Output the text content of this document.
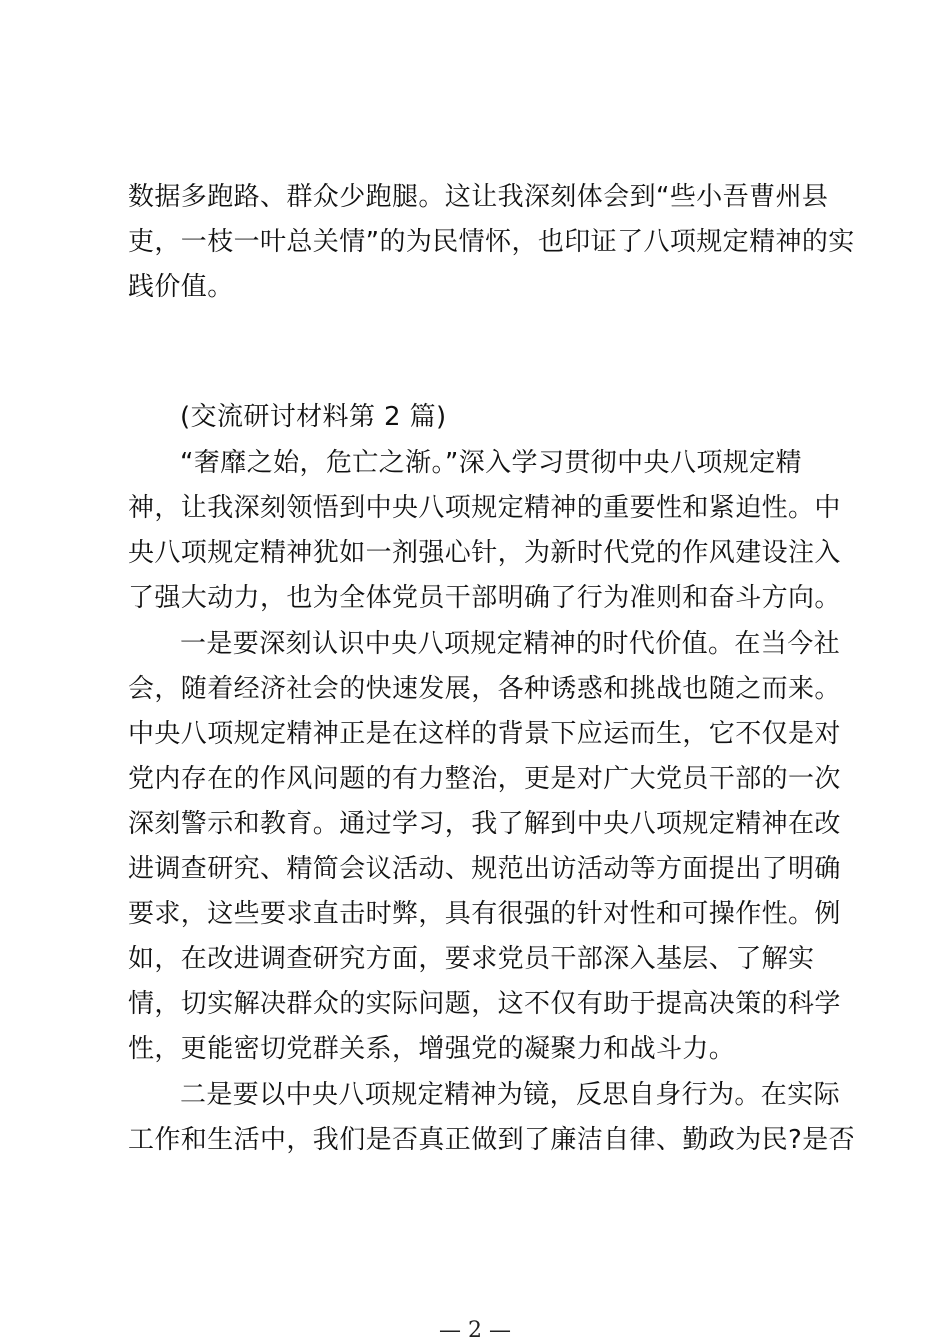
数据多跑路、群众少跑腿。这让我深刻体会到“些小吾曹州县
吏，一枝一叶总关情”的为民情怀，也印证了八项规定精神的实
践价值。
(交流研讨材料第 2 篇)
“奢靡之始，危亡之渐。”深入学习贯彻中央八项规定精
神，让我深刻领悟到中央八项规定精神的重要性和紧迫性。中
央八项规定精神犹如一剂强心针，为新时代党的作风建设注入
了强大动力，也为全体党员干部明确了行为准则和奋斗方向。
一是要深刻认识中央八项规定精神的时代价值。在当今社
会，随着经济社会的快速发展，各种诱惑和挑战也随之而来。
中央八项规定精神正是在这样的背景下应运而生，它不仅是对
党内存在的作风问题的有力整治，更是对广大党员干部的一次
深刻警示和教育。通过学习，我了解到中央八项规定精神在改
进调查研究、精简会议活动、规范出访活动等方面提出了明确
要求，这些要求直击时弊，具有很强的针对性和可操作性。例
如，在改进调查研究方面，要求党员干部深入基层、了解实
情，切实解决群众的实际问题，这不仅有助于提高决策的科学
性，更能密切党群关系，增强党的凝聚力和战斗力。
二是要以中央八项规定精神为镜，反思自身行为。在实际
工作和生活中，我们是否真正做到了廉洁自律、勤政为民?是否
— 2 —
